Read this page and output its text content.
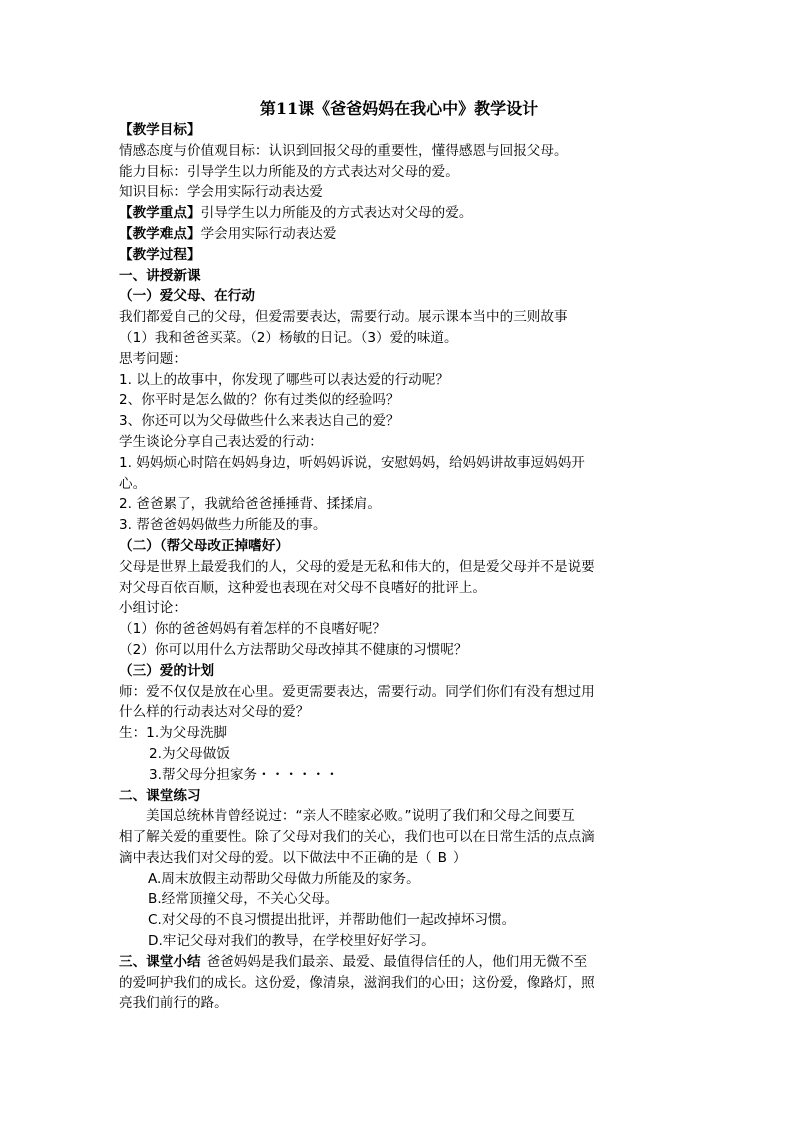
第11课《爸爸妈妈在我心中》教学设计
【教学目标】
情感态度与价值观目标：认识到回报父母的重要性，懂得感恩与回报父母。
能力目标：引导学生以力所能及的方式表达对父母的爱。
知识目标：学会用实际行动表达爱
【教学重点】引导学生以力所能及的方式表达对父母的爱。
【教学难点】学会用实际行动表达爱
【教学过程】
一、讲授新课
（一）爱父母、在行动
我们都爱自己的父母，但爱需要表达，需要行动。展示课本当中的三则故事
（1）我和爸爸买菜。（2）杨敏的日记。（3）爱的味道。
思考问题：
1. 以上的故事中，你发现了哪些可以表达爱的行动呢？
2、你平时是怎么做的？你有过类似的经验吗？
3、你还可以为父母做些什么来表达自己的爱？
学生谈论分享自己表达爱的行动：
1. 妈妈烦心时陪在妈妈身边，听妈妈诉说，安慰妈妈，给妈妈讲故事逗妈妈开
心。
2. 爸爸累了，我就给爸爸捶捶背、揉揉肩。
3. 帮爸爸妈妈做些力所能及的事。
（二）（帮父母改正掉嗜好）
父母是世界上最爱我们的人，父母的爱是无私和伟大的，但是爱父母并不是说要
对父母百依百顺，这种爱也表现在对父母不良嗜好的批评上。
小组讨论：
（1）你的爸爸妈妈有着怎样的不良嗜好呢？
（2）你可以用什么方法帮助父母改掉其不健康的习惯呢？
（三）爱的计划
师：爱不仅仅是放在心里。爱更需要表达，需要行动。同学们你们有没有想过用
什么样的行动表达对父母的爱？
生：1.为父母洗脚
2.为父母做饭
3.帮父母分担家务・・・・・・
二、课堂练习
美国总统林肯曾经说过：“亲人不睦家必败。”说明了我们和父母之间要互
相了解关爱的重要性。除了父母对我们的关心，我们也可以在日常生活的点点滴
滴中表达我们对父母的爱。以下做法中不正确的是（ B ）
A.周末放假主动帮助父母做力所能及的家务。
B.经常顶撞父母，不关心父母。
C.对父母的不良习惯提出批评，并帮助他们一起改掉坏习惯。
D.牢记父母对我们的教导，在学校里好好学习。
三、课堂小结 爸爸妈妈是我们最亲、最爱、最值得信任的人，他们用无微不至
的爱呵护我们的成长。这份爱，像清泉，滋润我们的心田；这份爱，像路灯，照
亮我们前行的路。
